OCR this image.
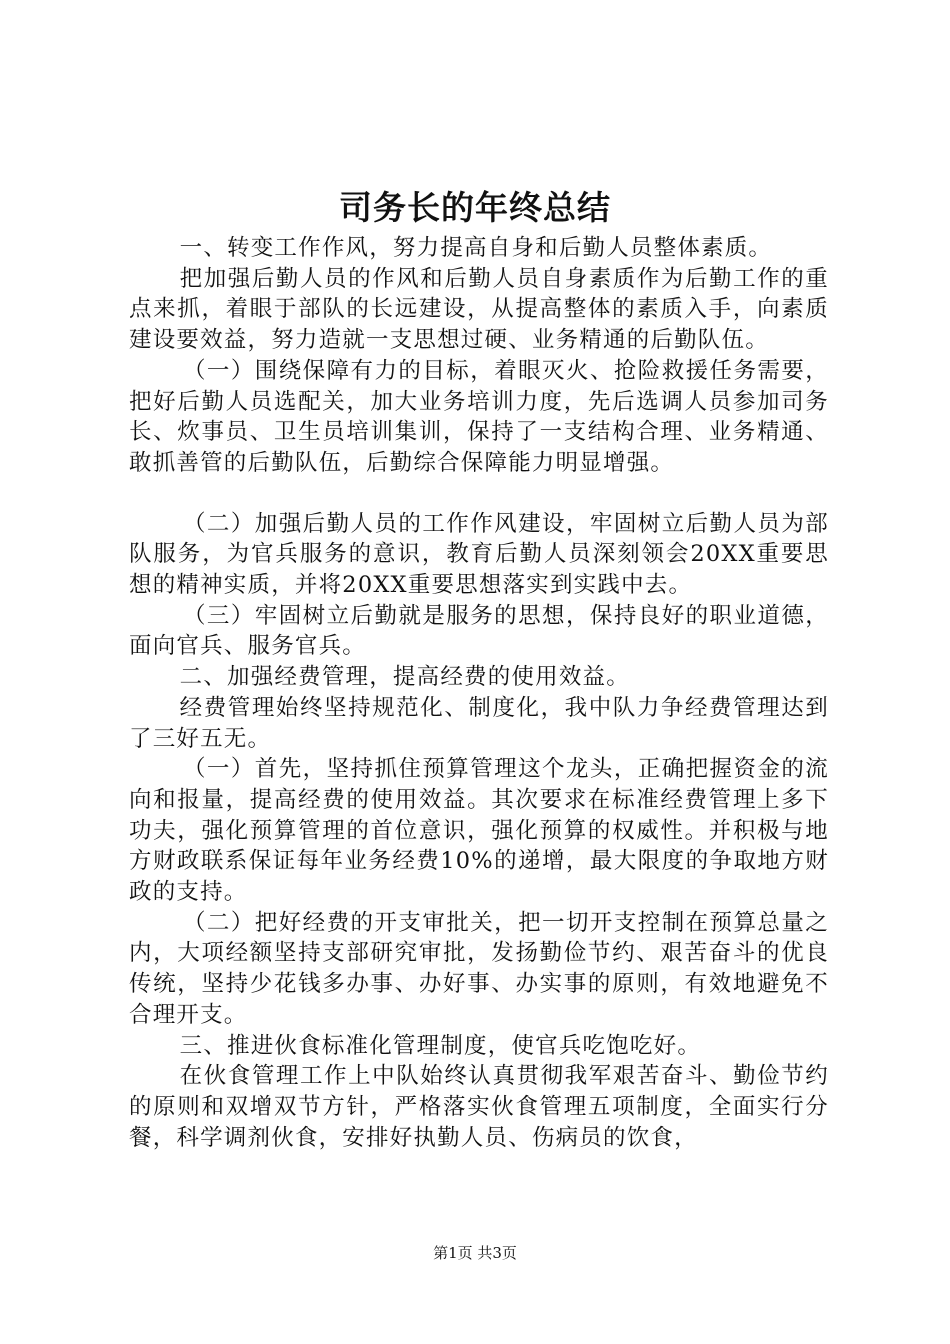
司务长的年终总结

一、转变工作作风，努力提高自身和后勤人员整体素质。

把加强后勤人员的作风和后勤人员自身素质作为后勤工作的重点来抓，着眼于部队的长远建设，从提高整体的素质入手，向素质建设要效益，努力造就一支思想过硬、业务精通的后勤队伍。

（一）围绕保障有力的目标，着眼灭火、抢险救援任务需要，把好后勤人员选配关，加大业务培训力度，先后选调人员参加司务长、炊事员、卫生员培训集训，保持了一支结构合理、业务精通、敢抓善管的后勤队伍，后勤综合保障能力明显增强。

（二）加强后勤人员的工作作风建设，牢固树立后勤人员为部队服务，为官兵服务的意识，教育后勤人员深刻领会20XX重要思想的精神实质，并将20XX重要思想落实到实践中去。

（三）牢固树立后勤就是服务的思想，保持良好的职业道德，面向官兵、服务官兵。

二、加强经费管理，提高经费的使用效益。

经费管理始终坚持规范化、制度化，我中队力争经费管理达到了三好五无。

（一）首先，坚持抓住预算管理这个龙头，正确把握资金的流向和报量，提高经费的使用效益。其次要求在标准经费管理上多下功夫，强化预算管理的首位意识，强化预算的权威性。并积极与地方财政联系保证每年业务经费10%的递增，最大限度的争取地方财政的支持。

（二）把好经费的开支审批关，把一切开支控制在预算总量之内，大项经额坚持支部研究审批，发扬勤俭节约、艰苦奋斗的优良传统，坚持少花钱多办事、办好事、办实事的原则，有效地避免不合理开支。

三、推进伙食标准化管理制度，使官兵吃饱吃好。

在伙食管理工作上中队始终认真贯彻我军艰苦奋斗、勤俭节约的原则和双增双节方针，严格落实伙食管理五项制度，全面实行分餐，科学调剂伙食，安排好执勤人员、伤病员的饮食，

第1页 共3页
